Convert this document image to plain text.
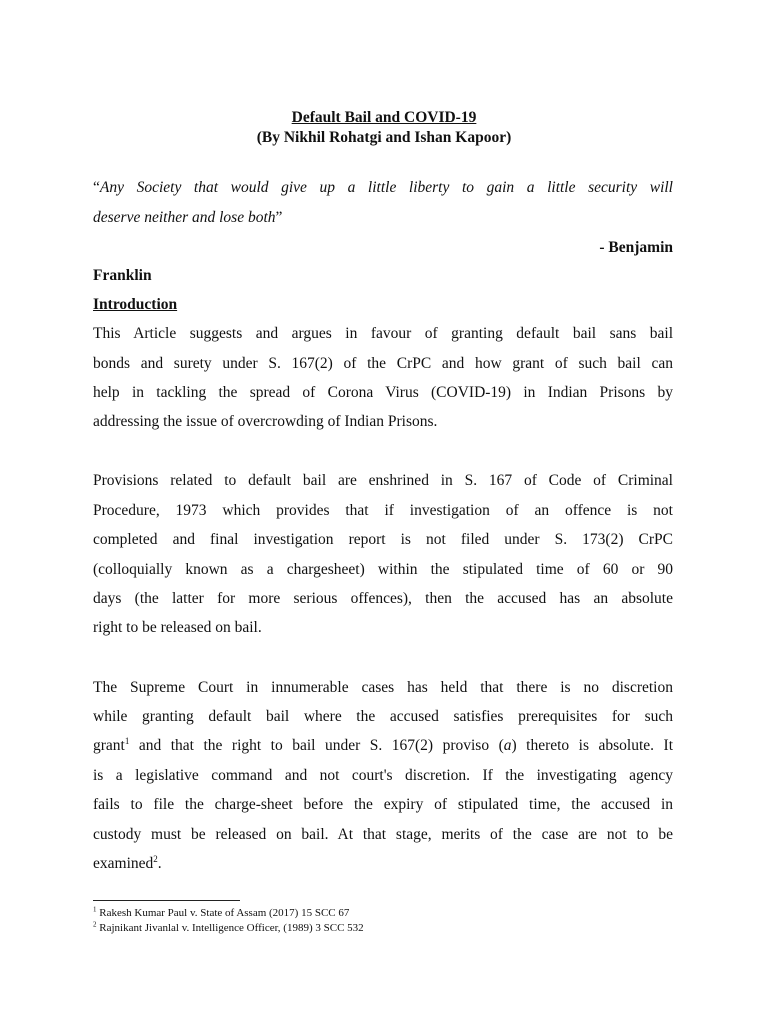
Default Bail and COVID-19
(By Nikhil Rohatgi and Ishan Kapoor)
“Any Society that would give up a little liberty to gain a little security will
deserve neither and lose both”
- Benjamin
Franklin
Introduction
This Article suggests and argues in favour of granting default bail sans bail
bonds and surety under S. 167(2) of the CrPC and how grant of such bail can
help in tackling the spread of Corona Virus (COVID-19) in Indian Prisons by
addressing the issue of overcrowding of Indian Prisons.
Provisions related to default bail are enshrined in S. 167 of Code of Criminal
Procedure, 1973 which provides that if investigation of an offence is not
completed and final investigation report is not filed under S. 173(2) CrPC
(colloquially known as a chargesheet) within the stipulated time of 60 or 90
days (the latter for more serious offences), then the accused has an absolute
right to be released on bail.
The Supreme Court in innumerable cases has held that there is no discretion
while granting default bail where the accused satisfies prerequisites for such
grant$^1$ and that the right to bail under S. 167(2) proviso (a) thereto is absolute. It
is a legislative command and not court's discretion. If the investigating agency
fails to file the charge-sheet before the expiry of stipulated time, the accused in
custody must be released on bail. At that stage, merits of the case are not to be
examined$^2$.
$^1$ Rakesh Kumar Paul v. State of Assam (2017) 15 SCC 67
$^2$ Rajnikant Jivanlal v. Intelligence Officer, (1989) 3 SCC 532
